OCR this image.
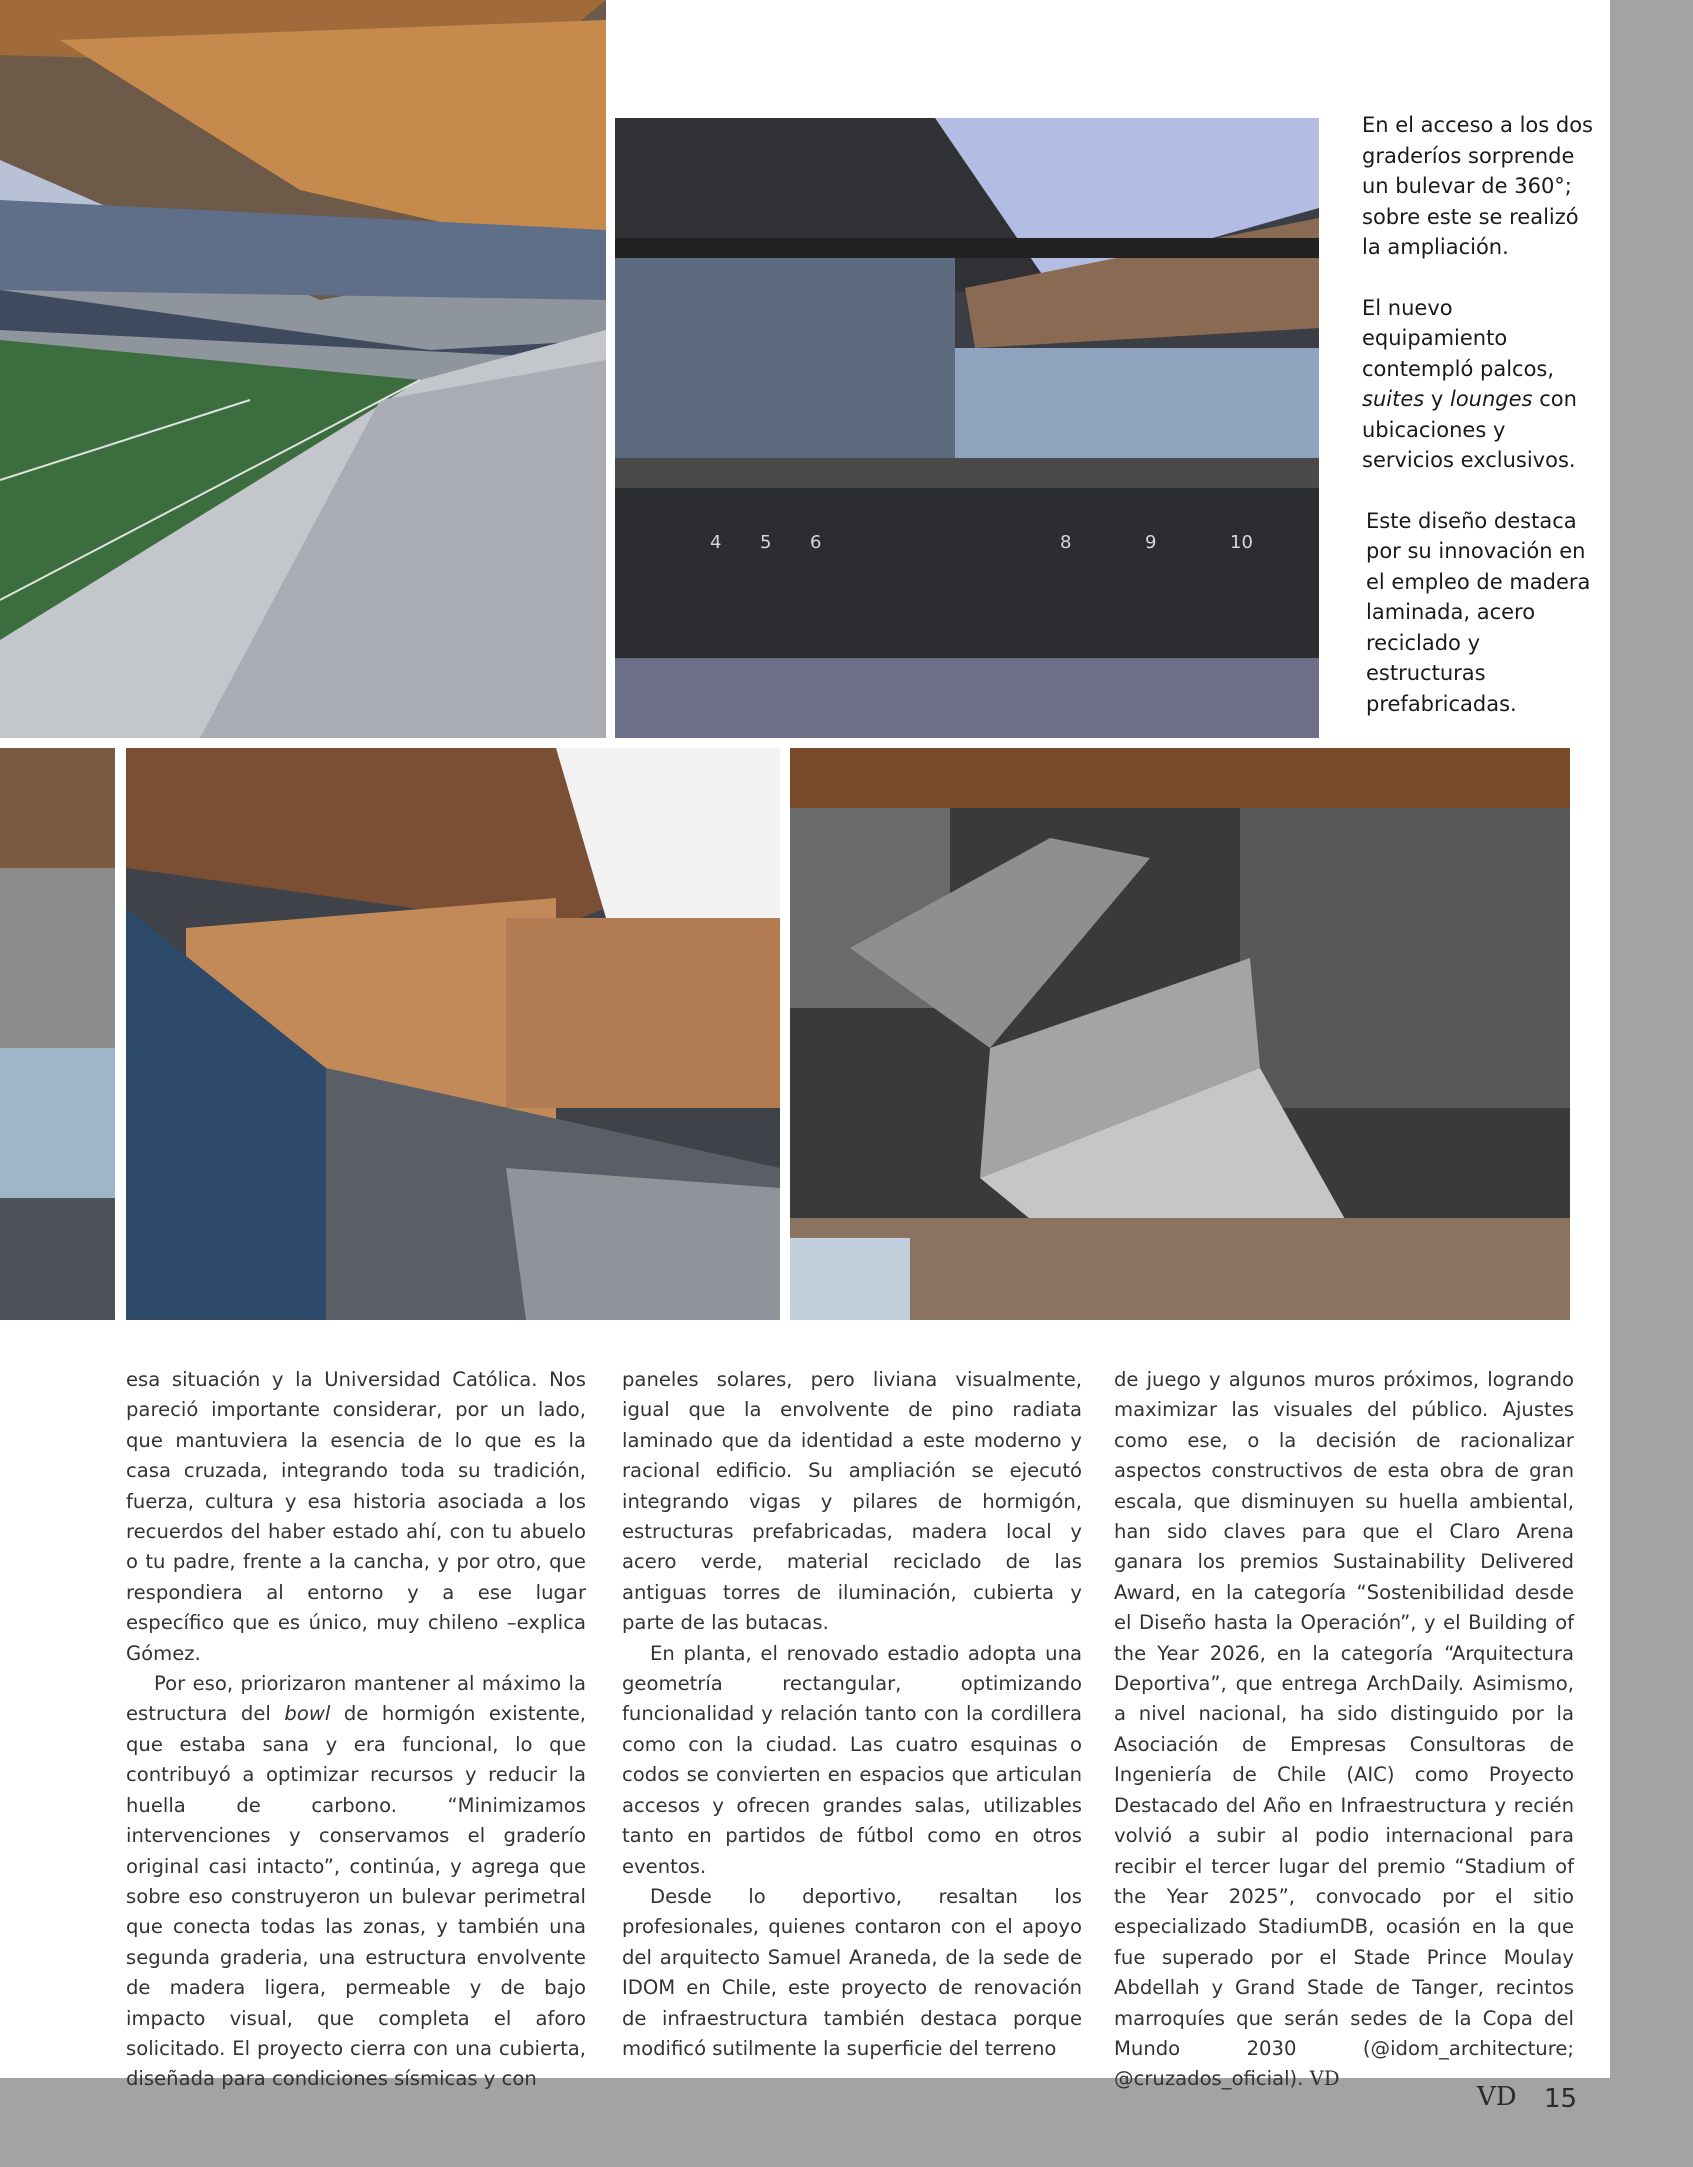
4 5 6	8	9	10

En el acceso a los dos graderíos sorprende un bulevar de 360°; sobre este se realizó la ampliación.

El nuevo equipamiento contempló palcos, suites y lounges con ubicaciones y servicios exclusivos.

Este diseño destaca por su innovación en el empleo de madera laminada, acero reciclado y estructuras prefabricadas.

esa situación y la Universidad Católica. Nos pareció importante considerar, por un lado, que mantuviera la esencia de lo que es la casa cruzada, integrando toda su tradición, fuerza, cultura y esa historia asociada a los recuerdos del haber estado ahí, con tu abuelo o tu padre, frente a la cancha, y por otro, que respondiera al entorno y a ese lugar específico que es único, muy chileno –explica Gómez.

Por eso, priorizaron mantener al máximo la estructura del bowl de hormigón existente, que estaba sana y era funcional, lo que contribuyó a optimizar recursos y reducir la huella de carbono. “Minimizamos intervenciones y conservamos el graderío original casi intacto”, continúa, y agrega que sobre eso construyeron un bulevar perimetral que conecta todas las zonas, y también una segunda graderia, una estructura envolvente de madera ligera, permeable y de bajo impacto visual, que completa el aforo solicitado. El proyecto cierra con una cubierta, diseñada para condiciones sísmicas y con

paneles solares, pero liviana visualmente, igual que la envolvente de pino radiata laminado que da identidad a este moderno y racional edificio. Su ampliación se ejecutó integrando vigas y pilares de hormigón, estructuras prefabricadas, madera local y acero verde, material reciclado de las antiguas torres de iluminación, cubierta y parte de las butacas.

En planta, el renovado estadio adopta una geometría rectangular, optimizando funcionalidad y relación tanto con la cordillera como con la ciudad. Las cuatro esquinas o codos se convierten en espacios que articulan accesos y ofrecen grandes salas, utilizables tanto en partidos de fútbol como en otros eventos.

Desde lo deportivo, resaltan los profesionales, quienes contaron con el apoyo del arquitecto Samuel Araneda, de la sede de IDOM en Chile, este proyecto de renovación de infraestructura también destaca porque modificó sutilmente la superficie del terreno

de juego y algunos muros próximos, logrando maximizar las visuales del público. Ajustes como ese, o la decisión de racionalizar aspectos constructivos de esta obra de gran escala, que disminuyen su huella ambiental, han sido claves para que el Claro Arena ganara los premios Sustainability Delivered Award, en la categoría “Sostenibilidad desde el Diseño hasta la Operación”, y el Building of the Year 2026, en la categoría “Arquitectura Deportiva”, que entrega ArchDaily. Asimismo, a nivel nacional, ha sido distinguido por la Asociación de Empresas Consultoras de Ingeniería de Chile (AIC) como Proyecto Destacado del Año en Infraestructura y recién volvió a subir al podio internacional para recibir el tercer lugar del premio “Stadium of the Year 2025”, convocado por el sitio especializado StadiumDB, ocasión en la que fue superado por el Stade Prince Moulay Abdellah y Grand Stade de Tanger, recintos marroquíes que serán sedes de la Copa del Mundo 2030 (@idom_architecture; @cruzados_oficial). VD

VD 15
